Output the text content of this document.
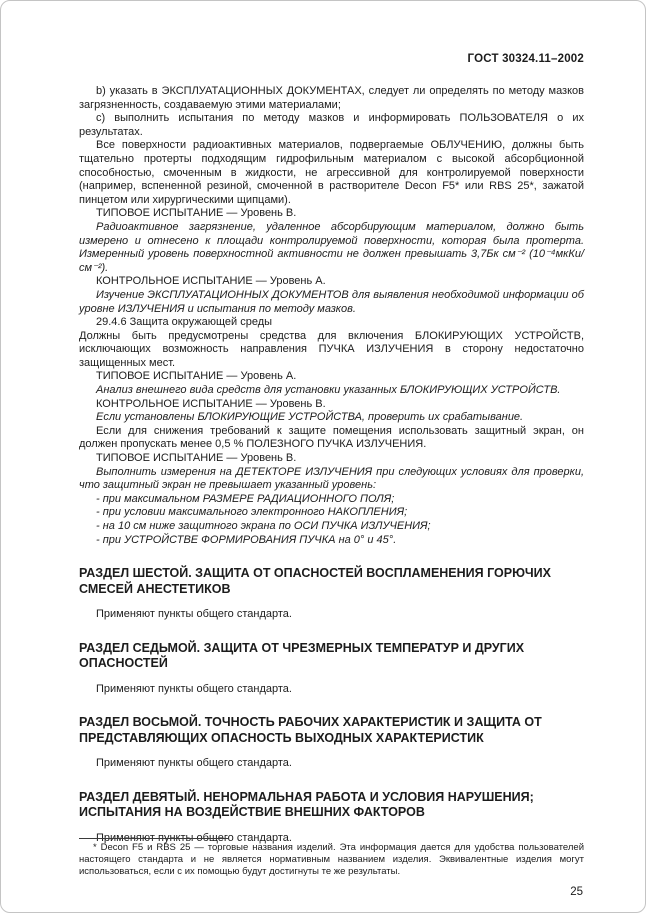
ГОСТ 30324.11–2002

b) указать в ЭКСПЛУАТАЦИОННЫХ ДОКУМЕНТАХ, следует ли определять по методу мазков загрязненность, создаваемую этими материалами;

c) выполнить испытания по методу мазков и информировать ПОЛЬЗОВАТЕЛЯ о их результатах.

Все поверхности радиоактивных материалов, подвергаемые ОБЛУЧЕНИЮ, должны быть тщательно протерты подходящим гидрофильным материалом с высокой абсорбционной способностью, смоченным в жидкости, не агрессивной для контролируемой поверхности (например, вспененной резиной, смоченной в растворителе Decon F5* или RBS 25*, зажатой пинцетом или хирургическими щипцами).

ТИПОВОЕ ИСПЫТАНИЕ — Уровень В.

Радиоактивное загрязнение, удаленное абсорбирующим материалом, должно быть измерено и отнесено к площади контролируемой поверхности, которая была протерта. Измеренный уровень поверхностной активности не должен превышать 3,7Бк см⁻² (10⁻⁴мкКи/см⁻²).

КОНТРОЛЬНОЕ ИСПЫТАНИЕ — Уровень А.

Изучение ЭКСПЛУАТАЦИОННЫХ ДОКУМЕНТОВ для выявления необходимой информации об уровне ИЗЛУЧЕНИЯ и испытания по методу мазков.

29.4.6 Защита окружающей среды

Должны быть предусмотрены средства для включения БЛОКИРУЮЩИХ УСТРОЙСТВ, исключающих возможность направления ПУЧКА ИЗЛУЧЕНИЯ в сторону недостаточно защищенных мест.

ТИПОВОЕ ИСПЫТАНИЕ — Уровень А.

Анализ внешнего вида средств для установки указанных БЛОКИРУЮЩИХ УСТРОЙСТВ.

КОНТРОЛЬНОЕ ИСПЫТАНИЕ — Уровень В.

Если установлены БЛОКИРУЮЩИЕ УСТРОЙСТВА, проверить их срабатывание.

Если для снижения требований к защите помещения использовать защитный экран, он должен пропускать менее 0,5 % ПОЛЕЗНОГО ПУЧКА ИЗЛУЧЕНИЯ.

ТИПОВОЕ ИСПЫТАНИЕ — Уровень В.

Выполнить измерения на ДЕТЕКТОРЕ ИЗЛУЧЕНИЯ при следующих условиях для проверки, что защитный экран не превышает указанный уровень:

- при максимальном РАЗМЕРЕ РАДИАЦИОННОГО ПОЛЯ;

- при условии максимального электронного НАКОПЛЕНИЯ;

- на 10 см ниже защитного экрана по ОСИ ПУЧКА ИЗЛУЧЕНИЯ;

- при УСТРОЙСТВЕ ФОРМИРОВАНИЯ ПУЧКА на 0° и 45°.

РАЗДЕЛ ШЕСТОЙ. ЗАЩИТА ОТ ОПАСНОСТЕЙ ВОСПЛАМЕНЕНИЯ ГОРЮЧИХ СМЕСЕЙ АНЕСТЕТИКОВ

Применяют пункты общего стандарта.

РАЗДЕЛ СЕДЬМОЙ. ЗАЩИТА ОТ ЧРЕЗМЕРНЫХ ТЕМПЕРАТУР И ДРУГИХ ОПАСНОСТЕЙ

Применяют пункты общего стандарта.

РАЗДЕЛ ВОСЬМОЙ. ТОЧНОСТЬ РАБОЧИХ ХАРАКТЕРИСТИК И ЗАЩИТА ОТ ПРЕДСТАВЛЯЮЩИХ ОПАСНОСТЬ ВЫХОДНЫХ ХАРАКТЕРИСТИК

Применяют пункты общего стандарта.

РАЗДЕЛ ДЕВЯТЫЙ. НЕНОРМАЛЬНАЯ РАБОТА И УСЛОВИЯ НАРУШЕНИЯ; ИСПЫТАНИЯ НА ВОЗДЕЙСТВИЕ ВНЕШНИХ ФАКТОРОВ

Применяют пункты общего стандарта.

* Decon F5 и RBS 25 — торговые названия изделий. Эта информация дается для удобства пользователей настоящего стандарта и не является нормативным названием изделия. Эквивалентные изделия могут использоваться, если с их помощью будут достигнуты те же результаты.

25
